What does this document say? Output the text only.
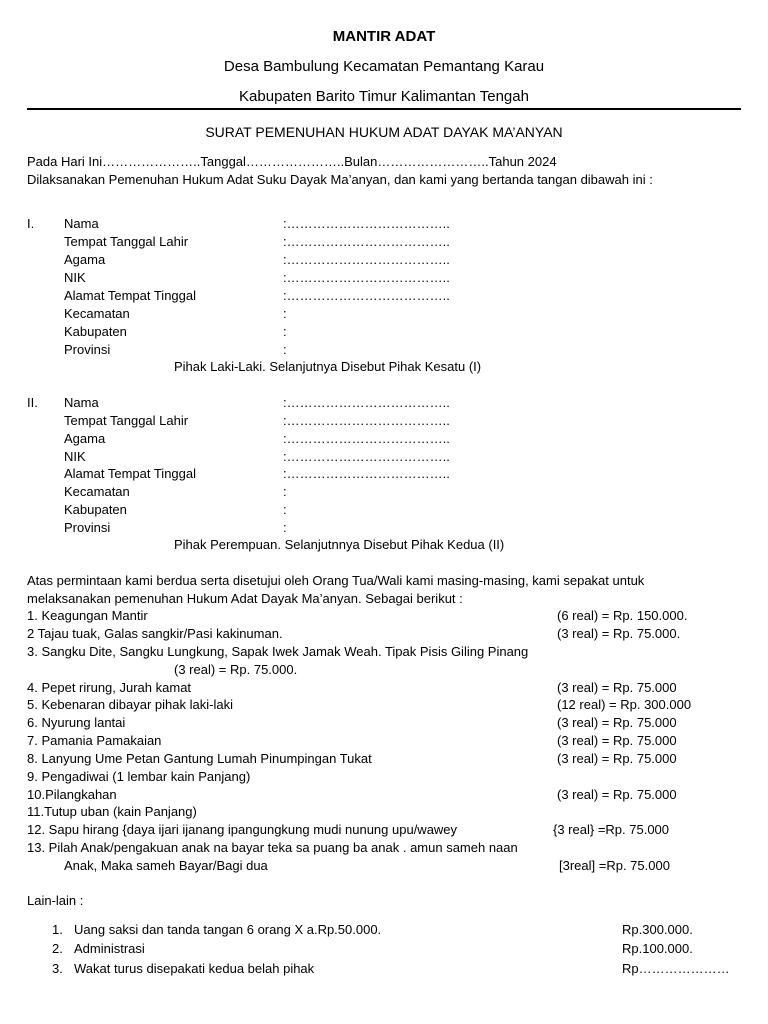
MANTIR ADAT
Desa Bambulung Kecamatan Pemantang Karau
Kabupaten Barito Timur Kalimantan Tengah
SURAT PEMENUHAN HUKUM ADAT DAYAK MA’ANYAN
Pada Hari Ini…………………..Tanggal…………………..Bulan……………………..Tahun 2024
Dilaksanakan Pemenuhan Hukum Adat Suku Dayak Ma’anyan, dan kami yang bertanda tangan dibawah ini :
I. Nama	:………………………………..
Tempat Tanggal Lahir	:………………………………..
Agama	:………………………………..
NIK	:………………………………..
Alamat Tempat Tinggal	:………………………………..
Kecamatan	:
Kabupaten	:
Provinsi	:
Pihak Laki-Laki. Selanjutnya Disebut Pihak Kesatu (I)
II. Nama	:………………………………..
Tempat Tanggal Lahir	:………………………………..
Agama	:………………………………..
NIK	:………………………………..
Alamat Tempat Tinggal	:………………………………..
Kecamatan	:
Kabupaten	:
Provinsi	:
Pihak Perempuan. Selanjutnnya Disebut Pihak Kedua (II)
Atas permintaan kami berdua serta disetujui oleh Orang Tua/Wali kami masing-masing, kami sepakat untuk
melaksanakan pemenuhan Hukum Adat Dayak Ma’anyan. Sebagai berikut :
1. Keagungan Mantir	(6 real) = Rp. 150.000.
2 Tajau tuak, Galas sangkir/Pasi kakinuman.	(3 real) = Rp. 75.000.
3. Sangku Dite, Sangku Lungkung, Sapak Iwek Jamak Weah. Tipak Pisis Giling Pinang
(3 real) = Rp. 75.000.
4. Pepet rirung, Jurah kamat	(3 real) = Rp. 75.000
5. Kebenaran dibayar pihak laki-laki	(12 real) = Rp. 300.000
6. Nyurung lantai	(3 real) = Rp. 75.000
7. Pamania Pamakaian	(3 real) = Rp. 75.000
8. Lanyung Ume Petan Gantung Lumah Pinumpingan Tukat	(3 real) = Rp. 75.000
9. Pengadiwai (1 lembar kain Panjang)
10.Pilangkahan	(3 real) = Rp. 75.000
11.Tutup uban (kain Panjang)
12. Sapu hirang {daya ijari ijanang ipangungkung mudi nunung upu/wawey	{3 real} =Rp. 75.000
13. Pilah Anak/pengakuan anak na bayar teka sa puang ba anak . amun sameh naan
Anak, Maka sameh Bayar/Bagi dua	[3real] =Rp. 75.000
Lain-lain :
1. Uang saksi dan tanda tangan 6 orang X a.Rp.50.000.	Rp.300.000.
2. Administrasi	Rp.100.000.
3. Wakat turus disepakati kedua belah pihak	Rp…………………
